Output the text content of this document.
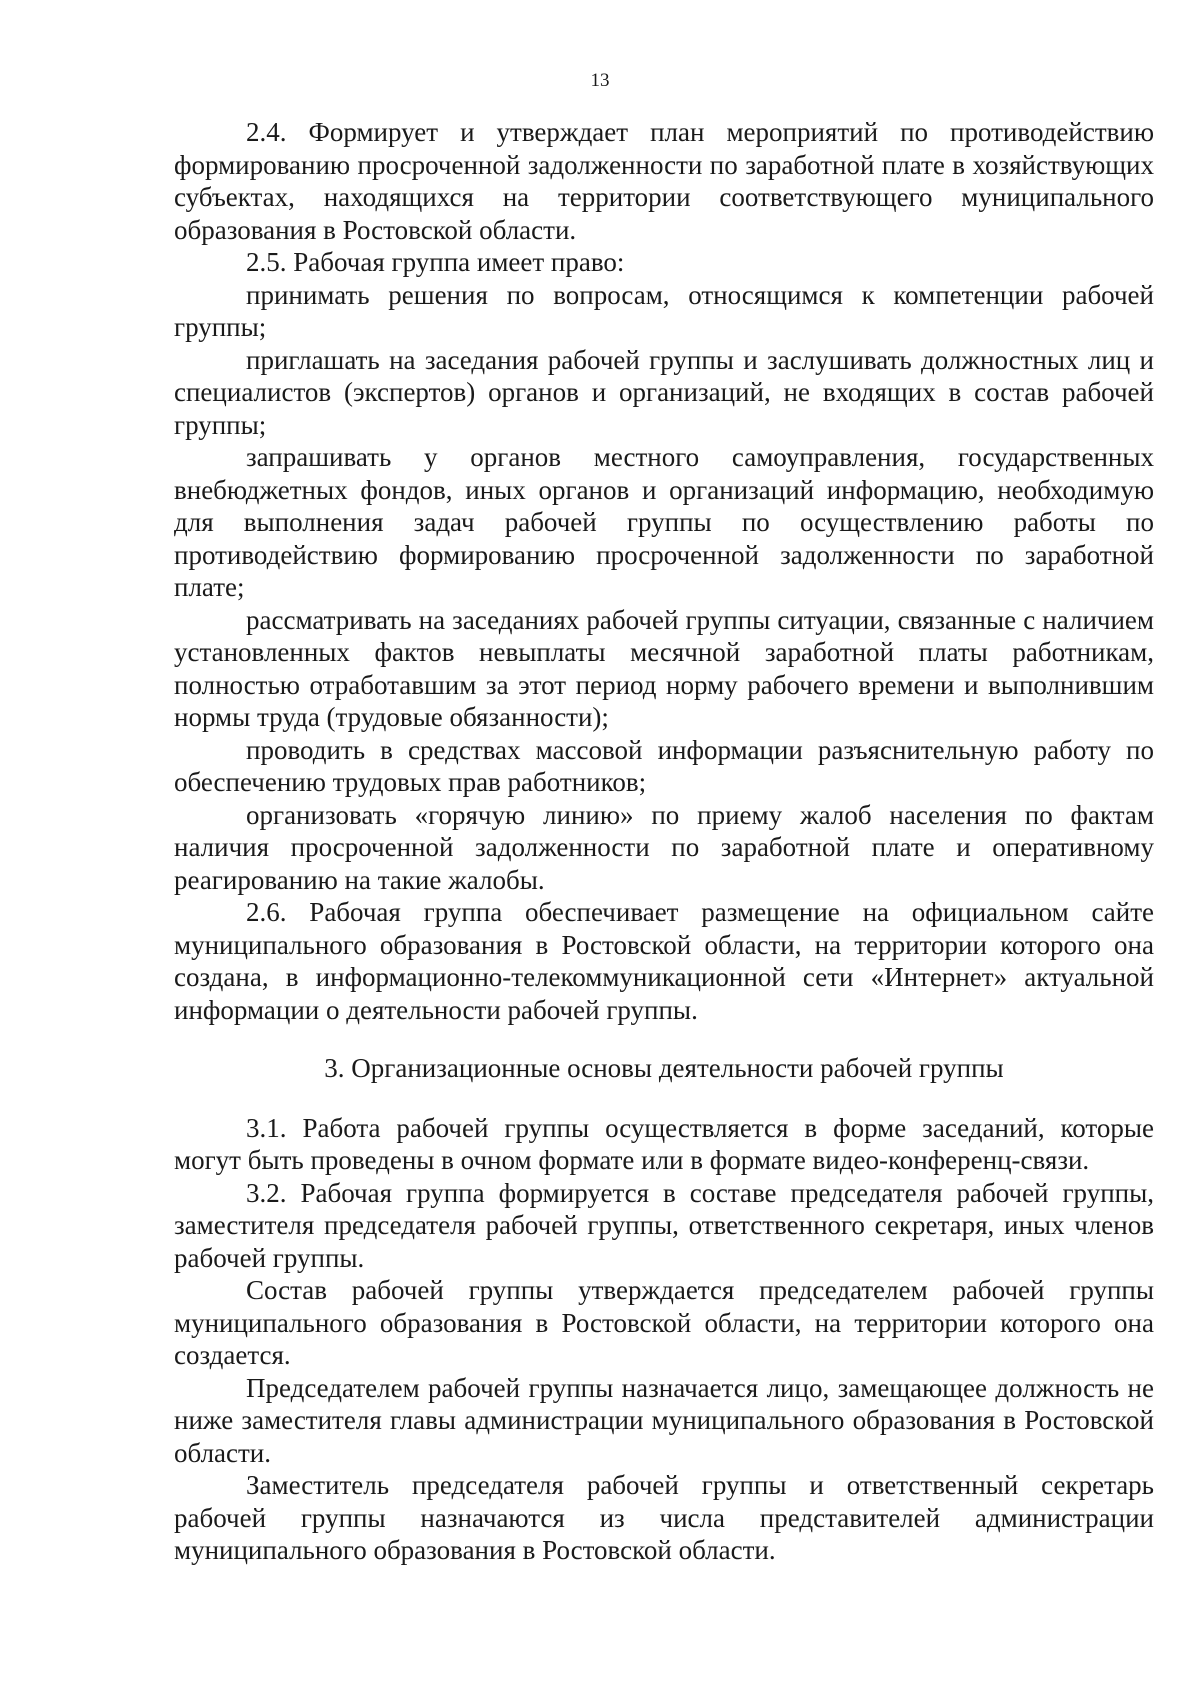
13

2.4. Формирует и утверждает план мероприятий по противодействию формированию просроченной задолженности по заработной плате в хозяйствующих субъектах, находящихся на территории соответствующего муниципального образования в Ростовской области.

2.5. Рабочая группа имеет право:

принимать решения по вопросам, относящимся к компетенции рабочей группы;

приглашать на заседания рабочей группы и заслушивать должностных лиц и специалистов (экспертов) органов и организаций, не входящих в состав рабочей группы;

запрашивать у органов местного самоуправления, государственных внебюджетных фондов, иных органов и организаций информацию, необходимую для выполнения задач рабочей группы по осуществлению работы по противодействию формированию просроченной задолженности по заработной плате;

рассматривать на заседаниях рабочей группы ситуации, связанные с наличием установленных фактов невыплаты месячной заработной платы работникам, полностью отработавшим за этот период норму рабочего времени и выполнившим нормы труда (трудовые обязанности);

проводить в средствах массовой информации разъяснительную работу по обеспечению трудовых прав работников;

организовать «горячую линию» по приему жалоб населения по фактам наличия просроченной задолженности по заработной плате и оперативному реагированию на такие жалобы.

2.6. Рабочая группа обеспечивает размещение на официальном сайте муниципального образования в Ростовской области, на территории которого она создана, в информационно-телекоммуникационной сети «Интернет» актуальной информации о деятельности рабочей группы.

3. Организационные основы деятельности рабочей группы

3.1. Работа рабочей группы осуществляется в форме заседаний, которые могут быть проведены в очном формате или в формате видео-конференц-связи.

3.2. Рабочая группа формируется в составе председателя рабочей группы, заместителя председателя рабочей группы, ответственного секретаря, иных членов рабочей группы.

Состав рабочей группы утверждается председателем рабочей группы муниципального образования в Ростовской области, на территории которого она создается.

Председателем рабочей группы назначается лицо, замещающее должность не ниже заместителя главы администрации муниципального образования в Ростовской области.

Заместитель председателя рабочей группы и ответственный секретарь рабочей группы назначаются из числа представителей администрации муниципального образования в Ростовской области.
